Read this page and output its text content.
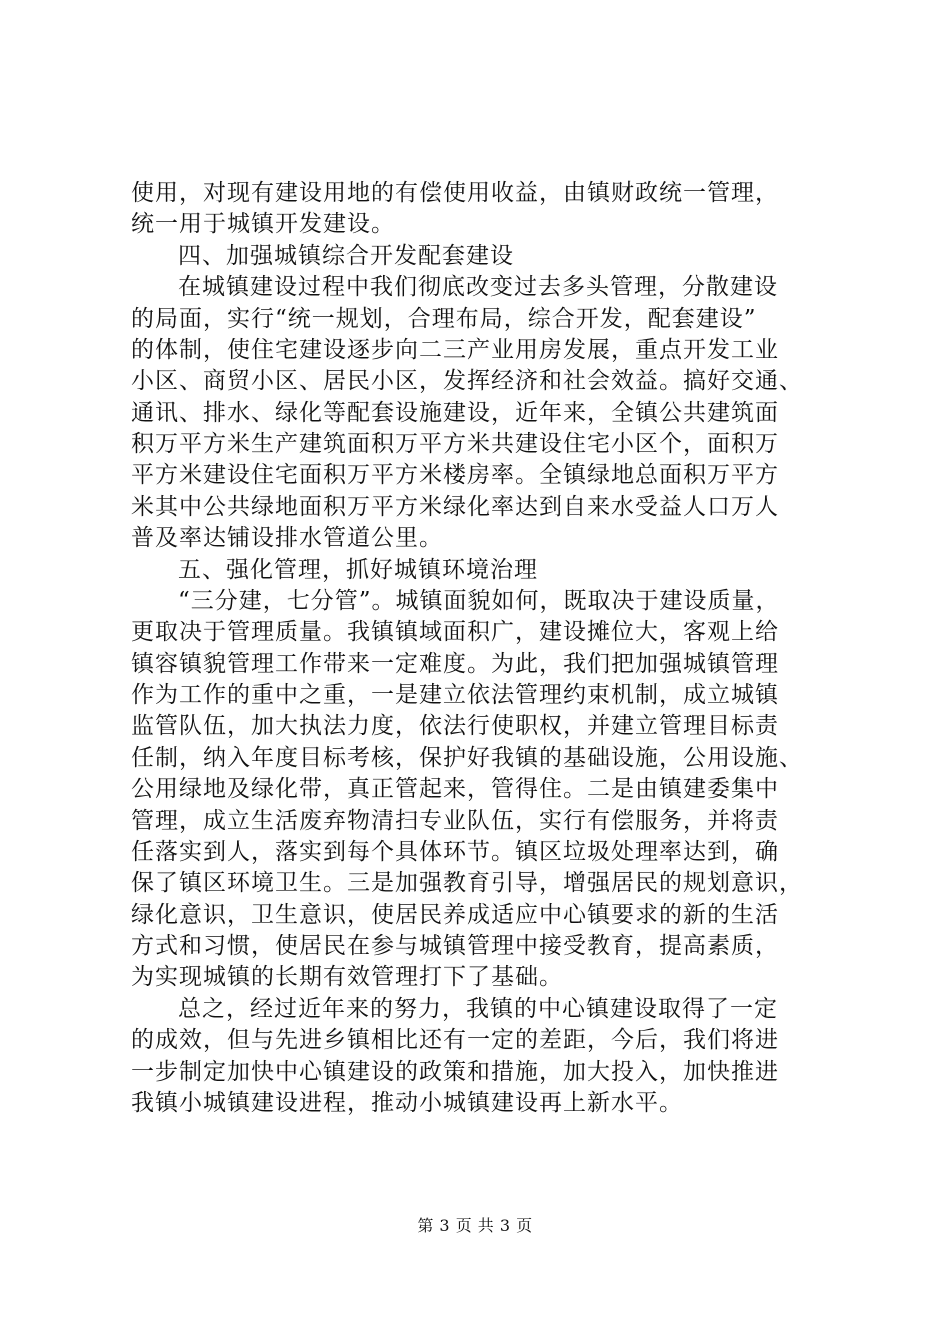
使用，对现有建设用地的有偿使用收益，由镇财政统一管理，
统一用于城镇开发建设。
四、加强城镇综合开发配套建设
在城镇建设过程中我们彻底改变过去多头管理，分散建设
的局面，实行“统一规划，合理布局，综合开发，配套建设”
的体制，使住宅建设逐步向二三产业用房发展，重点开发工业
小区、商贸小区、居民小区，发挥经济和社会效益。搞好交通、
通讯、排水、绿化等配套设施建设，近年来，全镇公共建筑面
积万平方米生产建筑面积万平方米共建设住宅小区个，面积万
平方米建设住宅面积万平方米楼房率。全镇绿地总面积万平方
米其中公共绿地面积万平方米绿化率达到自来水受益人口万人
普及率达铺设排水管道公里。
五、强化管理，抓好城镇环境治理
“三分建，七分管”。城镇面貌如何，既取决于建设质量，
更取决于管理质量。我镇镇域面积广，建设摊位大，客观上给
镇容镇貌管理工作带来一定难度。为此，我们把加强城镇管理
作为工作的重中之重，一是建立依法管理约束机制，成立城镇
监管队伍，加大执法力度，依法行使职权，并建立管理目标责
任制，纳入年度目标考核，保护好我镇的基础设施，公用设施、
公用绿地及绿化带，真正管起来，管得住。二是由镇建委集中
管理，成立生活废弃物清扫专业队伍，实行有偿服务，并将责
任落实到人，落实到每个具体环节。镇区垃圾处理率达到，确
保了镇区环境卫生。三是加强教育引导，增强居民的规划意识，
绿化意识，卫生意识，使居民养成适应中心镇要求的新的生活
方式和习惯，使居民在参与城镇管理中接受教育，提高素质，
为实现城镇的长期有效管理打下了基础。
总之，经过近年来的努力，我镇的中心镇建设取得了一定
的成效，但与先进乡镇相比还有一定的差距，今后，我们将进
一步制定加快中心镇建设的政策和措施，加大投入，加快推进
我镇小城镇建设进程，推动小城镇建设再上新水平。
第 3 页 共 3 页
